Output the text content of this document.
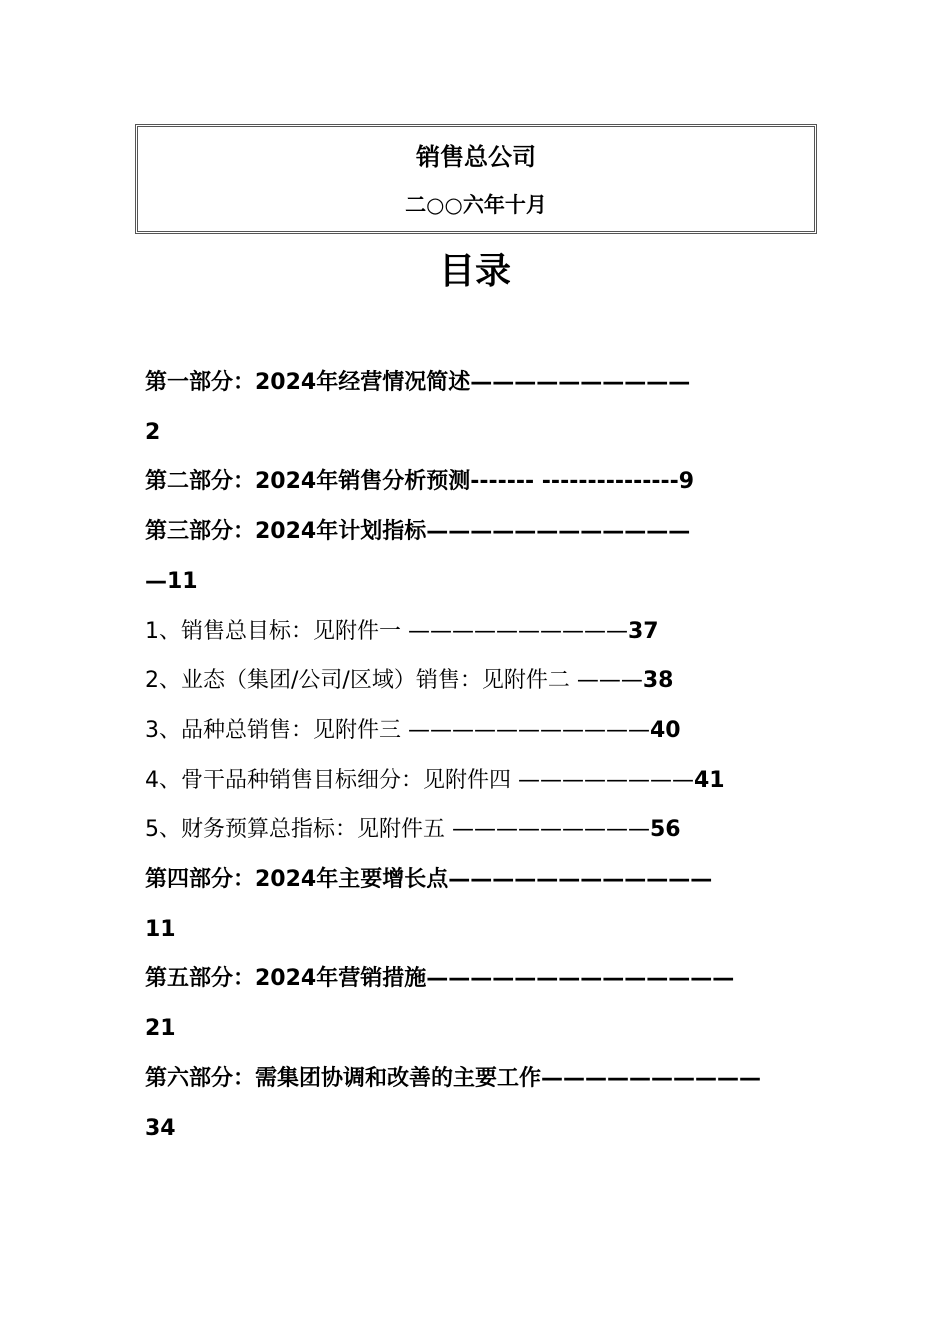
销售总公司
二○○六年十月
目录
第一部分：2024年经营情况简述——————————
2
第二部分：2024年销售分析预测------- ---------------9
第三部分：2024年计划指标————————————
—11
1、销售总目标：见附件一 ——————————37
2、业态（集团/公司/区域）销售：见附件二 ———38
3、品种总销售：见附件三 ———————————40
4、骨干品种销售目标细分：见附件四 ————————41
5、财务预算总指标：见附件五 —————————56
第四部分：2024年主要增长点————————————
11
第五部分：2024年营销措施——————————————
21
第六部分：需集团协调和改善的主要工作——————————
34
